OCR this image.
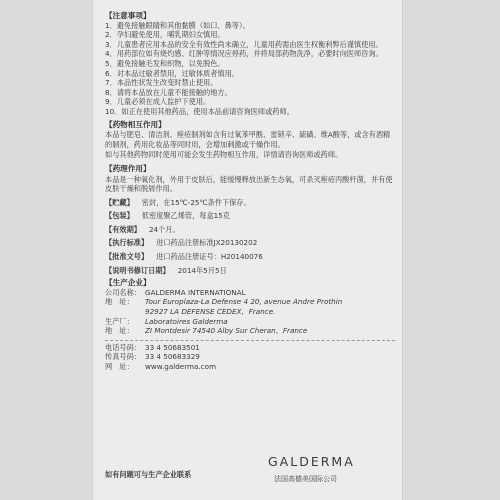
【注意事项】
1．避免接触眼睛和其他黏膜（如口、鼻等）。
2．孕妇避免使用，哺乳期妇女慎用。
3．儿童患者应用本品的安全有效性尚未确立，儿童用药需由医生权衡利弊后谨慎使用。
4．用药部位如有烧灼感、红肿等情况应停药，并将局部药物洗净，必要时向医师咨询。
5．避免接触毛发和织物，以免脱色。
6．对本品过敏者禁用，过敏体质者慎用。
7．本品性状发生改变时禁止使用。
8．请将本品放在儿童不能接触的地方。
9．儿童必须在成人监护下使用。
10．如正在使用其他药品，使用本品前请咨询医师或药师。
【药物相互作用】
本品与肥皂、清洁剂、痤疮制剂如含有过氧苯甲酰、雷锁辛、硫磺、维A酸等，或含有酒精的制剂，药用化妆品等同时用，会增加刺激或干燥作用。
如与其他药物同时使用可能会发生药物相互作用，详情请咨询医师或药师。
【药理作用】
本品是一种氧化剂，外用于皮肤后，能缓慢释放出新生态氧，可杀灭痤疮丙酸杆菌，并有使皮肤干燥和脱屑作用。
【贮藏】 密封，在15℃-25℃条件下保存。
【包装】 低密度聚乙烯管，每盒15克
【有效期】 24个月。
【执行标准】 进口药品注册标准JX20130202
【批准文号】 进口药品注册证号：H20140076
【说明书修订日期】 2014年5月5日
【生产企业】
公司名称： GALDERMA INTERNATIONAL
地　址：	Tour Europlaza-La Defense 4 20, avenue Andre Prothin
92927 LA DEFENSE CEDEX，France.
生产厂：	Laboratoires Galderma
地　址：	ZI Montdesir 74540 Alby Sur Cheran，France
电话号码： 33 4 50683501
传真号码： 33 4 50683329
网　址：	www.galderma.com
如有问题可与生产企业联系
GALDERMA
法国高德美国际公司
